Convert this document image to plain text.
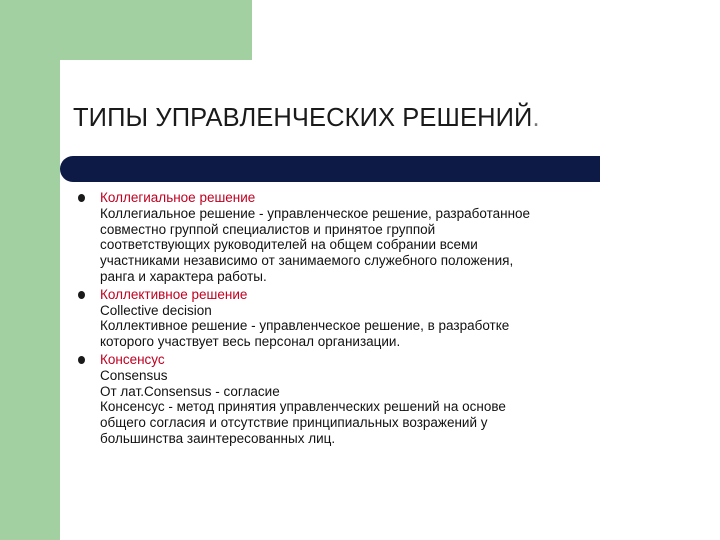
ТИПЫ УПРАВЛЕНЧЕСКИХ РЕШЕНИЙ.
Коллегиальное решение
Коллегиальное решение - управленческое решение, разработанное
совместно группой специалистов и принятое группой
соответствующих руководителей на общем собрании всеми
участниками независимо от занимаемого служебного положения,
ранга и характера работы.
Коллективное решение
Collective decision
Коллективное решение - управленческое решение, в разработке
которого участвует весь персонал организации.
Консенсус
Consensus
От лат.Consensus - согласие
Консенсус - метод принятия управленческих решений на основе
общего согласия и отсутствие принципиальных возражений у
большинства заинтересованных лиц.
